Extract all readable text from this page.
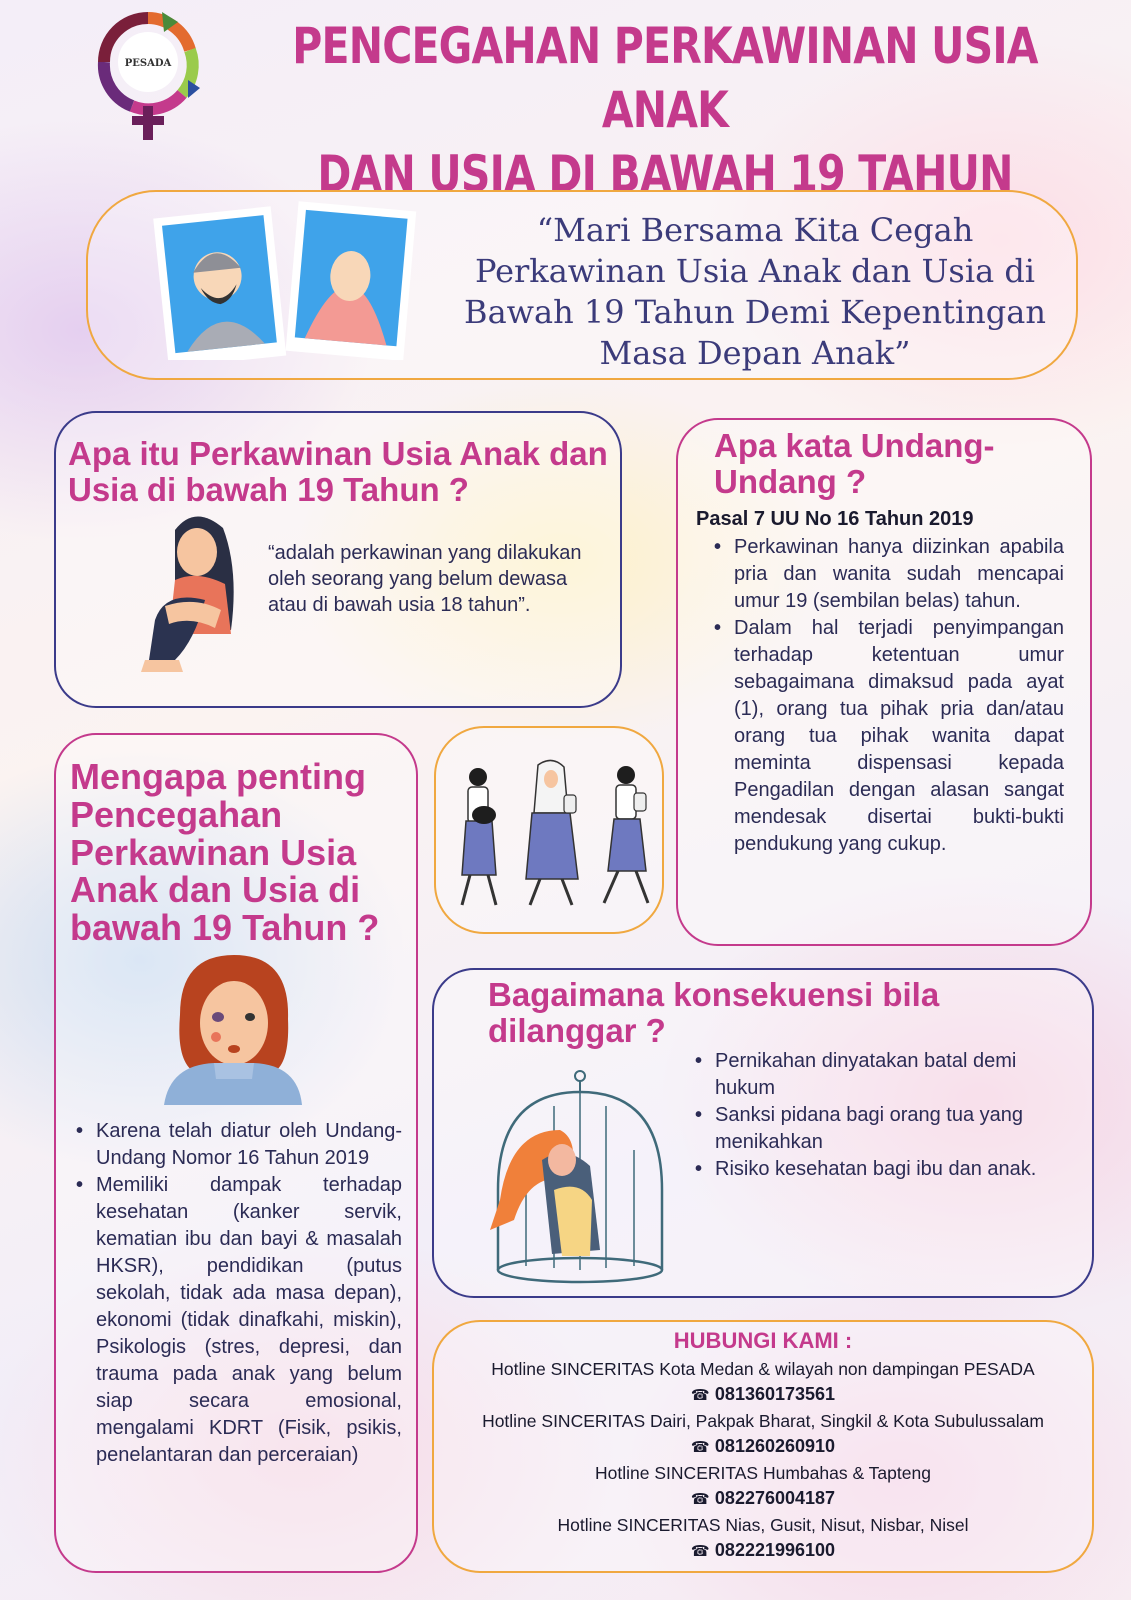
PESADA PENCEGAHAN PERKAWINAN USIA ANAK
DAN USIA DI BAWAH 19 TAHUN
“Mari Bersama Kita Cegah Perkawinan Usia Anak dan Usia di Bawah 19 Tahun Demi Kepentingan Masa Depan Anak”
Apa itu Perkawinan Usia Anak dan Usia di bawah 19 Tahun ?
“adalah perkawinan yang dilakukan oleh seorang yang belum dewasa atau di bawah usia 18 tahun”.
Apa kata Undang-Undang ?
Pasal 7 UU No 16 Tahun 2019
• Perkawinan hanya diizinkan apabila pria dan wanita sudah mencapai umur 19 (sembilan belas) tahun.
• Dalam hal terjadi penyimpangan terhadap ketentuan umur sebagaimana dimaksud pada ayat (1), orang tua pihak pria dan/atau orang tua pihak wanita dapat meminta dispensasi kepada Pengadilan dengan alasan sangat mendesak disertai bukti-bukti pendukung yang cukup.
Mengapa penting Pencegahan Perkawinan Usia Anak dan Usia di bawah 19 Tahun ?
• Karena telah diatur oleh Undang-Undang Nomor 16 Tahun 2019
• Memiliki dampak terhadap kesehatan (kanker servik, kematian ibu dan bayi & masalah HKSR), pendidikan (putus sekolah, tidak ada masa depan), ekonomi (tidak dinafkahi, miskin), Psikologis (stres, depresi, dan trauma pada anak yang belum siap secara emosional, mengalami KDRT (Fisik, psikis, penelantaran dan perceraian)
Bagaimana konsekuensi bila dilanggar ?
• Pernikahan dinyatakan batal demi hukum
• Sanksi pidana bagi orang tua yang menikahkan
• Risiko kesehatan bagi ibu dan anak.
HUBUNGI KAMI :
Hotline SINCERITAS Kota Medan & wilayah non dampingan PESADA
☎ 081360173561
Hotline SINCERITAS Dairi, Pakpak Bharat, Singkil & Kota Subulussalam
☎ 081260260910
Hotline SINCERITAS Humbahas & Tapteng
☎ 082276004187
Hotline SINCERITAS Nias, Gusit, Nisut, Nisbar, Nisel
☎ 082221996100
